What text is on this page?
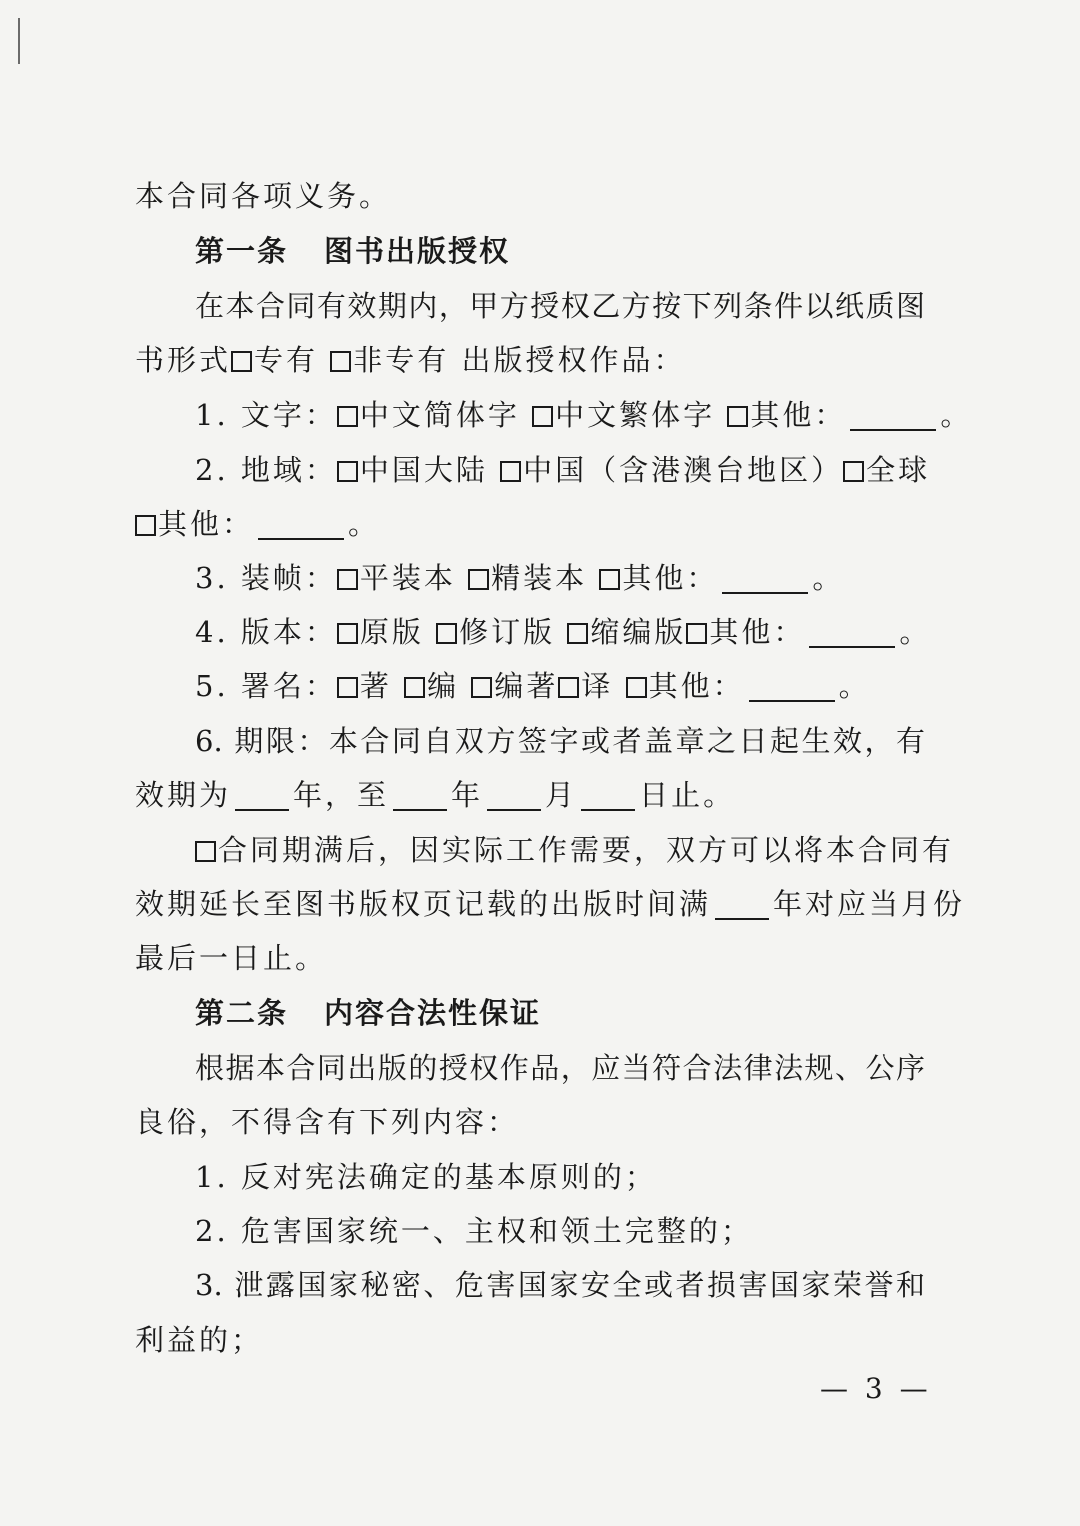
本合同各项义务。
第一条 图书出版授权
在本合同有效期内，甲方授权乙方按下列条件以纸质图
书形式 专有 非专有 出版授权作品：
1. 文字： 中文简体字 中文繁体字 其他：	。
2. 地域： 中国大陆 中国（含港澳台地区） 全球
其他：	。
3. 装帧： 平装本 精装本 其他：	。
4. 版本： 原版 修订版 缩编版 其他：	。
5. 署名： 著 编 编著 译 其他：	。
6. 期限：本合同自双方签字或者盖章之日起生效，有
效期为 年，至 年 月 日止。
合同期满后，因实际工作需要，双方可以将本合同有
效期延长至图书版权页记载的出版时间满 年对应当月份
最后一日止。
第二条 内容合法性保证
根据本合同出版的授权作品，应当符合法律法规、公序
良俗，不得含有下列内容：
1. 反对宪法确定的基本原则的；
2. 危害国家统一、主权和领土完整的；
3. 泄露国家秘密、危害国家安全或者损害国家荣誉和
利益的；
— 3 —
